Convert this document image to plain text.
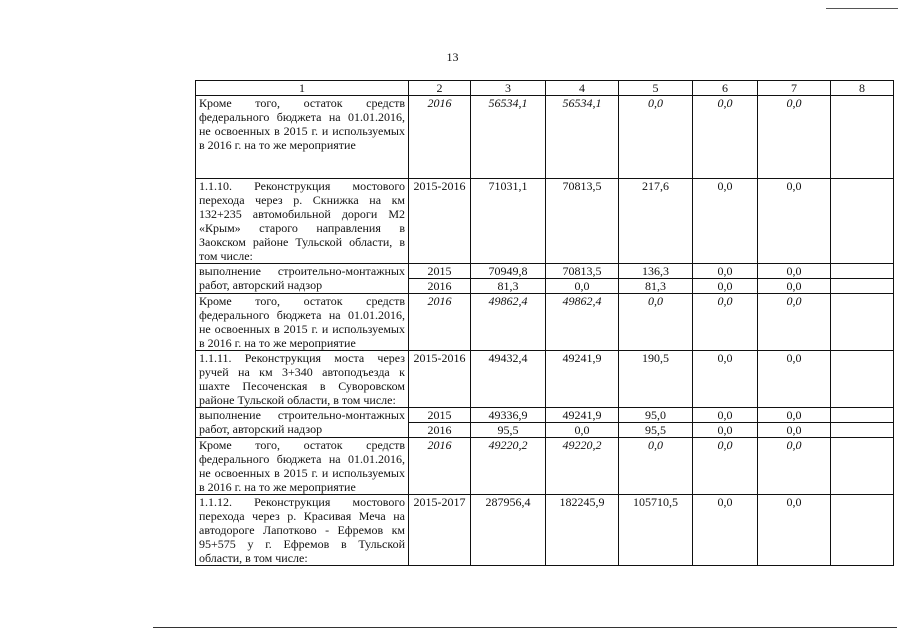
13
1	2	3	4	5	6	7	8
Кроме того, остаток средств федерального бюджета на 01.01.2016, не освоенных в 2015 г. и используемых в 2016 г. на то же мероприятие	2016	56534,1	56534,1	0,0	0,0	0,0	
1.1.10. Реконструкция мостового перехода через р. Скнижка на км 132+235 автомобильной дороги М2 «Крым» старого направления в Заокском районе Тульской области, в том числе:	2015-2016	71031,1	70813,5	217,6	0,0	0,0	
выполнение строительно-монтажных работ, авторский надзор	2015	70949,8	70813,5	136,3	0,0	0,0	
	2016	81,3	0,0	81,3	0,0	0,0	
Кроме того, остаток средств федерального бюджета на 01.01.2016, не освоенных в 2015 г. и используемых в 2016 г. на то же мероприятие	2016	49862,4	49862,4	0,0	0,0	0,0	
1.1.11. Реконструкция моста через ручей на км 3+340 автоподъезда к шахте Песоченская в Суворовском районе Тульской области, в том числе:	2015-2016	49432,4	49241,9	190,5	0,0	0,0	
выполнение строительно-монтажных работ, авторский надзор	2015	49336,9	49241,9	95,0	0,0	0,0	
	2016	95,5	0,0	95,5	0,0	0,0	
Кроме того, остаток средств федерального бюджета на 01.01.2016, не освоенных в 2015 г. и используемых в 2016 г. на то же мероприятие	2016	49220,2	49220,2	0,0	0,0	0,0	
1.1.12. Реконструкция мостового перехода через р. Красивая Меча на автодороге Лапотково - Ефремов км 95+575 у г. Ефремов в Тульской области, в том числе:	2015-2017	287956,4	182245,9	105710,5	0,0	0,0	
